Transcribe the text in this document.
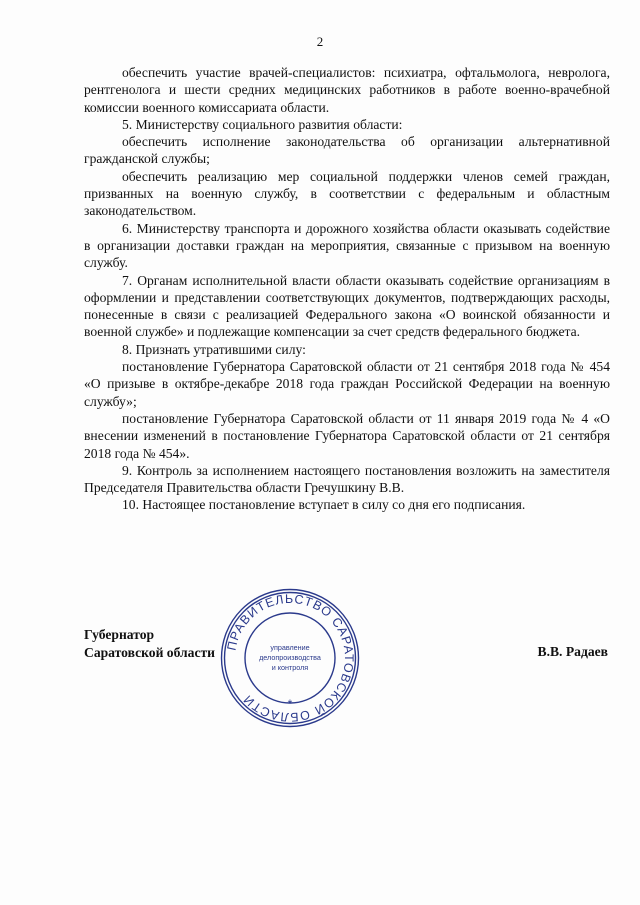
2

обеспечить участие врачей-специалистов: психиатра, офтальмолога, невролога, рентгенолога и шести средних медицинских работников в работе военно-врачебной комиссии военного комиссариата области.

5. Министерству социального развития области:

обеспечить исполнение законодательства об организации альтернативной гражданской службы;

обеспечить реализацию мер социальной поддержки членов семей граждан, призванных на военную службу, в соответствии с федеральным и областным законодательством.

6. Министерству транспорта и дорожного хозяйства области оказывать содействие в организации доставки граждан на мероприятия, связанные с призывом на военную службу.

7. Органам исполнительной власти области оказывать содействие организациям в оформлении и представлении соответствующих документов, подтверждающих расходы, понесенные в связи с реализацией Федерального закона «О воинской обязанности и военной службе» и подлежащие компенсации за счет средств федерального бюджета.

8. Признать утратившими силу:

постановление Губернатора Саратовской области от 21 сентября 2018 года № 454 «О призыве в октябре-декабре 2018 года граждан Российской Федерации на военную службу»;

постановление Губернатора Саратовской области от 11 января 2019 года № 4 «О внесении изменений в постановление Губернатора Саратовской области от 21 сентября 2018 года № 454».

9. Контроль за исполнением настоящего постановления возложить на заместителя Председателя Правительства области Гречушкину В.В.

10. Настоящее постановление вступает в силу со дня его подписания.

Губернатор
Саратовской области	В.В. Радаев
ПРАВИТЕЛЬСТВО САРАТОВСКОЙ ОБЛАСТИ
управление
делопроизводства
и контроля
*
